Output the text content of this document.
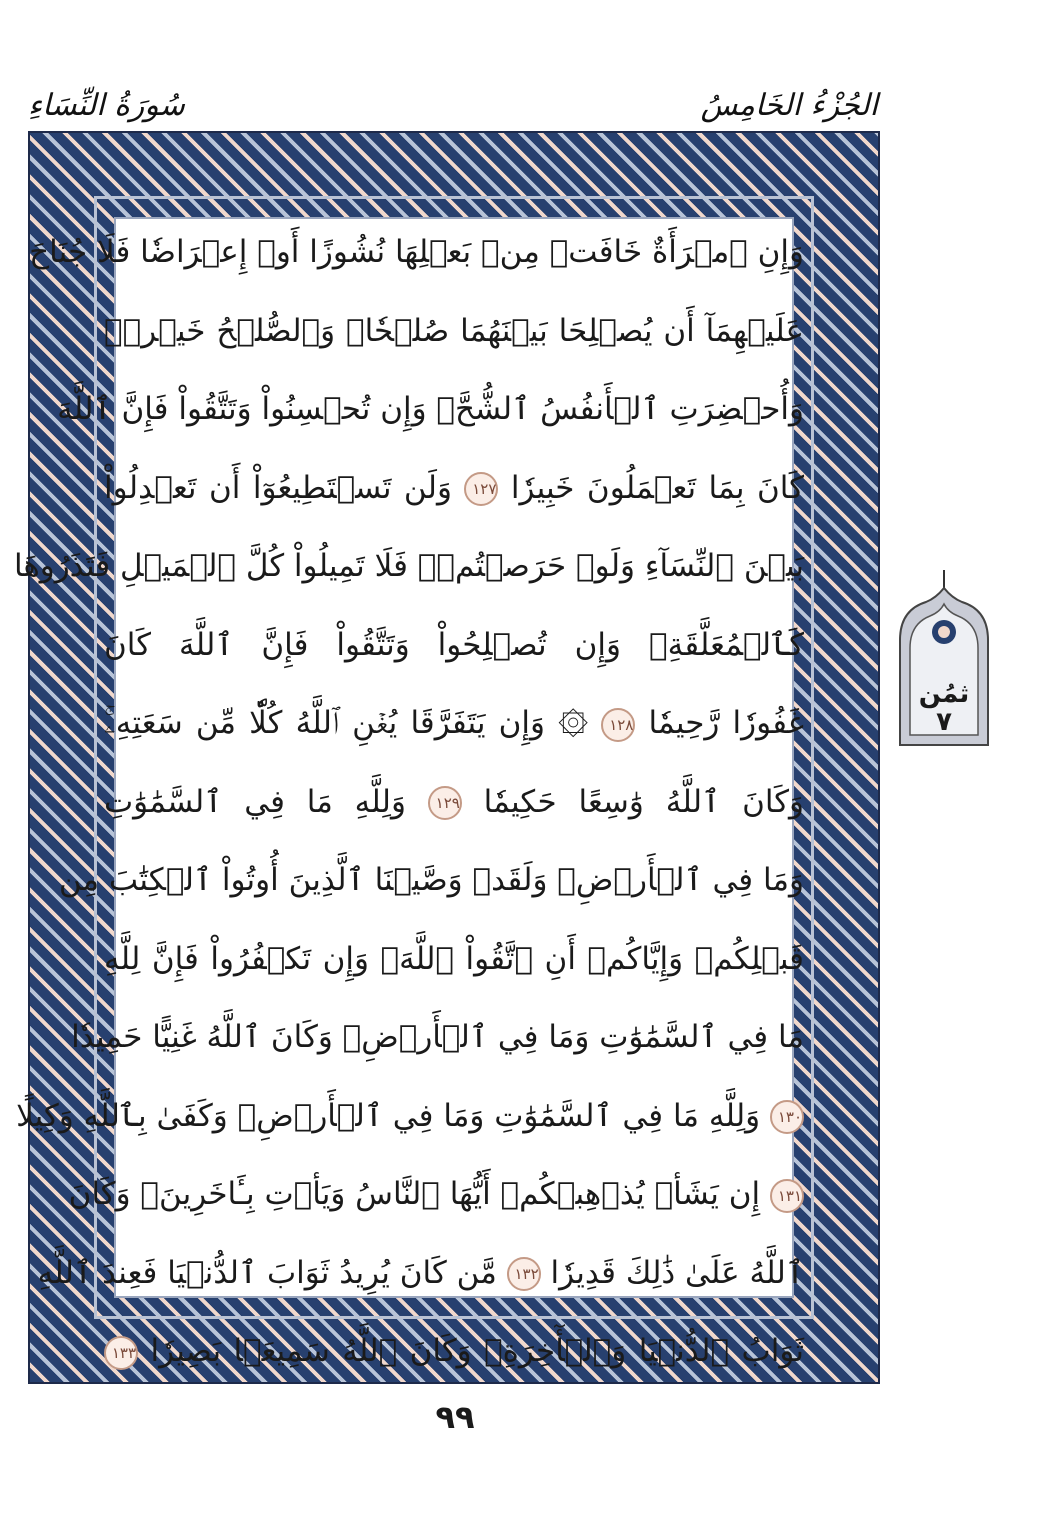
سُورَةُ النِّسَاءِ	الجُزْءُ الخَامِسُ
وَإِنِ ٱمۡرَأَةٌ خَافَتۡ مِنۢ بَعۡلِهَا نُشُوزًا أَوۡ إِعۡرَاضٗا فَلَا جُنَاحَ
عَلَيۡهِمَآ أَن يُصۡلِحَا بَيۡنَهُمَا صُلۡحٗاۚ وَٱلصُّلۡحُ خَيۡرٞۗ
وَأُحۡضِرَتِ ٱلۡأَنفُسُ ٱلشُّحَّۚ وَإِن تُحۡسِنُواْ وَتَتَّقُواْ فَإِنَّ ٱللَّهَ
كَانَ بِمَا تَعۡمَلُونَ خَبِيرٗا ١٢٧ وَلَن تَسۡتَطِيعُوٓاْ أَن تَعۡدِلُواْ
بَيۡنَ ٱلنِّسَآءِ وَلَوۡ حَرَصۡتُمۡۖ فَلَا تَمِيلُواْ كُلَّ ٱلۡمَيۡلِ فَتَذَرُوهَا
كَٱلۡمُعَلَّقَةِۚ وَإِن تُصۡلِحُواْ وَتَتَّقُواْ فَإِنَّ ٱللَّهَ كَانَ
غَفُورٗا رَّحِيمٗا ١٢٨ ۞ وَإِن يَتَفَرَّقَا يُغۡنِ ٱللَّهُ كُلّٗا مِّن سَعَتِهِۦۚ
وَكَانَ ٱللَّهُ وَٰسِعًا حَكِيمٗا ١٢٩ وَلِلَّهِ مَا فِي ٱلسَّمَٰوَٰتِ
وَمَا فِي ٱلۡأَرۡضِۗ وَلَقَدۡ وَصَّيۡنَا ٱلَّذِينَ أُوتُواْ ٱلۡكِتَٰبَ مِن
قَبۡلِكُمۡ وَإِيَّاكُمۡ أَنِ ٱتَّقُواْ ٱللَّهَۚ وَإِن تَكۡفُرُواْ فَإِنَّ لِلَّهِ
مَا فِي ٱلسَّمَٰوَٰتِ وَمَا فِي ٱلۡأَرۡضِۚ وَكَانَ ٱللَّهُ غَنِيًّا حَمِيدٗا
١٣٠ وَلِلَّهِ مَا فِي ٱلسَّمَٰوَٰتِ وَمَا فِي ٱلۡأَرۡضِۚ وَكَفَىٰ بِٱللَّهِ وَكِيلًا
١٣١ إِن يَشَأۡ يُذۡهِبۡكُمۡ أَيُّهَا ٱلنَّاسُ وَيَأۡتِ بِـَٔاخَرِينَۚ وَكَانَ
ٱللَّهُ عَلَىٰ ذَٰلِكَ قَدِيرٗا ١٣٢ مَّن كَانَ يُرِيدُ ثَوَابَ ٱلدُّنۡيَا فَعِندَ ٱللَّهِ
ثَوَابُ ٱلدُّنۡيَا وَٱلۡأٓخِرَةِۚ وَكَانَ ٱللَّهُ سَمِيعَۢا بَصِيرٗا ١٣٣
ثمُن
٧
٩٩
